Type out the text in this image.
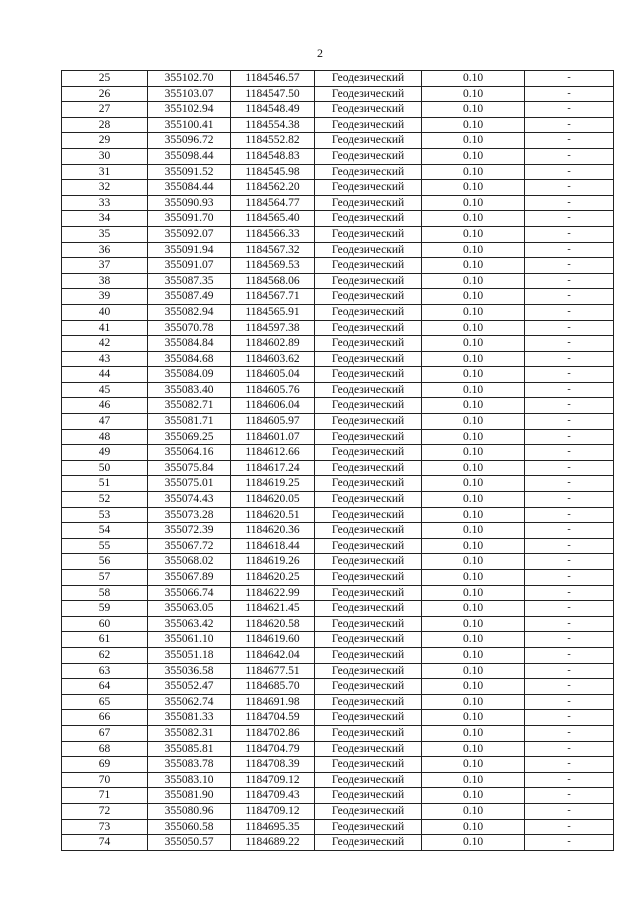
2
25	355102.70	1184546.57	Геодезический	0.10	-
26	355103.07	1184547.50	Геодезический	0.10	-
27	355102.94	1184548.49	Геодезический	0.10	-
28	355100.41	1184554.38	Геодезический	0.10	-
29	355096.72	1184552.82	Геодезический	0.10	-
30	355098.44	1184548.83	Геодезический	0.10	-
31	355091.52	1184545.98	Геодезический	0.10	-
32	355084.44	1184562.20	Геодезический	0.10	-
33	355090.93	1184564.77	Геодезический	0.10	-
34	355091.70	1184565.40	Геодезический	0.10	-
35	355092.07	1184566.33	Геодезический	0.10	-
36	355091.94	1184567.32	Геодезический	0.10	-
37	355091.07	1184569.53	Геодезический	0.10	-
38	355087.35	1184568.06	Геодезический	0.10	-
39	355087.49	1184567.71	Геодезический	0.10	-
40	355082.94	1184565.91	Геодезический	0.10	-
41	355070.78	1184597.38	Геодезический	0.10	-
42	355084.84	1184602.89	Геодезический	0.10	-
43	355084.68	1184603.62	Геодезический	0.10	-
44	355084.09	1184605.04	Геодезический	0.10	-
45	355083.40	1184605.76	Геодезический	0.10	-
46	355082.71	1184606.04	Геодезический	0.10	-
47	355081.71	1184605.97	Геодезический	0.10	-
48	355069.25	1184601.07	Геодезический	0.10	-
49	355064.16	1184612.66	Геодезический	0.10	-
50	355075.84	1184617.24	Геодезический	0.10	-
51	355075.01	1184619.25	Геодезический	0.10	-
52	355074.43	1184620.05	Геодезический	0.10	-
53	355073.28	1184620.51	Геодезический	0.10	-
54	355072.39	1184620.36	Геодезический	0.10	-
55	355067.72	1184618.44	Геодезический	0.10	-
56	355068.02	1184619.26	Геодезический	0.10	-
57	355067.89	1184620.25	Геодезический	0.10	-
58	355066.74	1184622.99	Геодезический	0.10	-
59	355063.05	1184621.45	Геодезический	0.10	-
60	355063.42	1184620.58	Геодезический	0.10	-
61	355061.10	1184619.60	Геодезический	0.10	-
62	355051.18	1184642.04	Геодезический	0.10	-
63	355036.58	1184677.51	Геодезический	0.10	-
64	355052.47	1184685.70	Геодезический	0.10	-
65	355062.74	1184691.98	Геодезический	0.10	-
66	355081.33	1184704.59	Геодезический	0.10	-
67	355082.31	1184702.86	Геодезический	0.10	-
68	355085.81	1184704.79	Геодезический	0.10	-
69	355083.78	1184708.39	Геодезический	0.10	-
70	355083.10	1184709.12	Геодезический	0.10	-
71	355081.90	1184709.43	Геодезический	0.10	-
72	355080.96	1184709.12	Геодезический	0.10	-
73	355060.58	1184695.35	Геодезический	0.10	-
74	355050.57	1184689.22	Геодезический	0.10	-
